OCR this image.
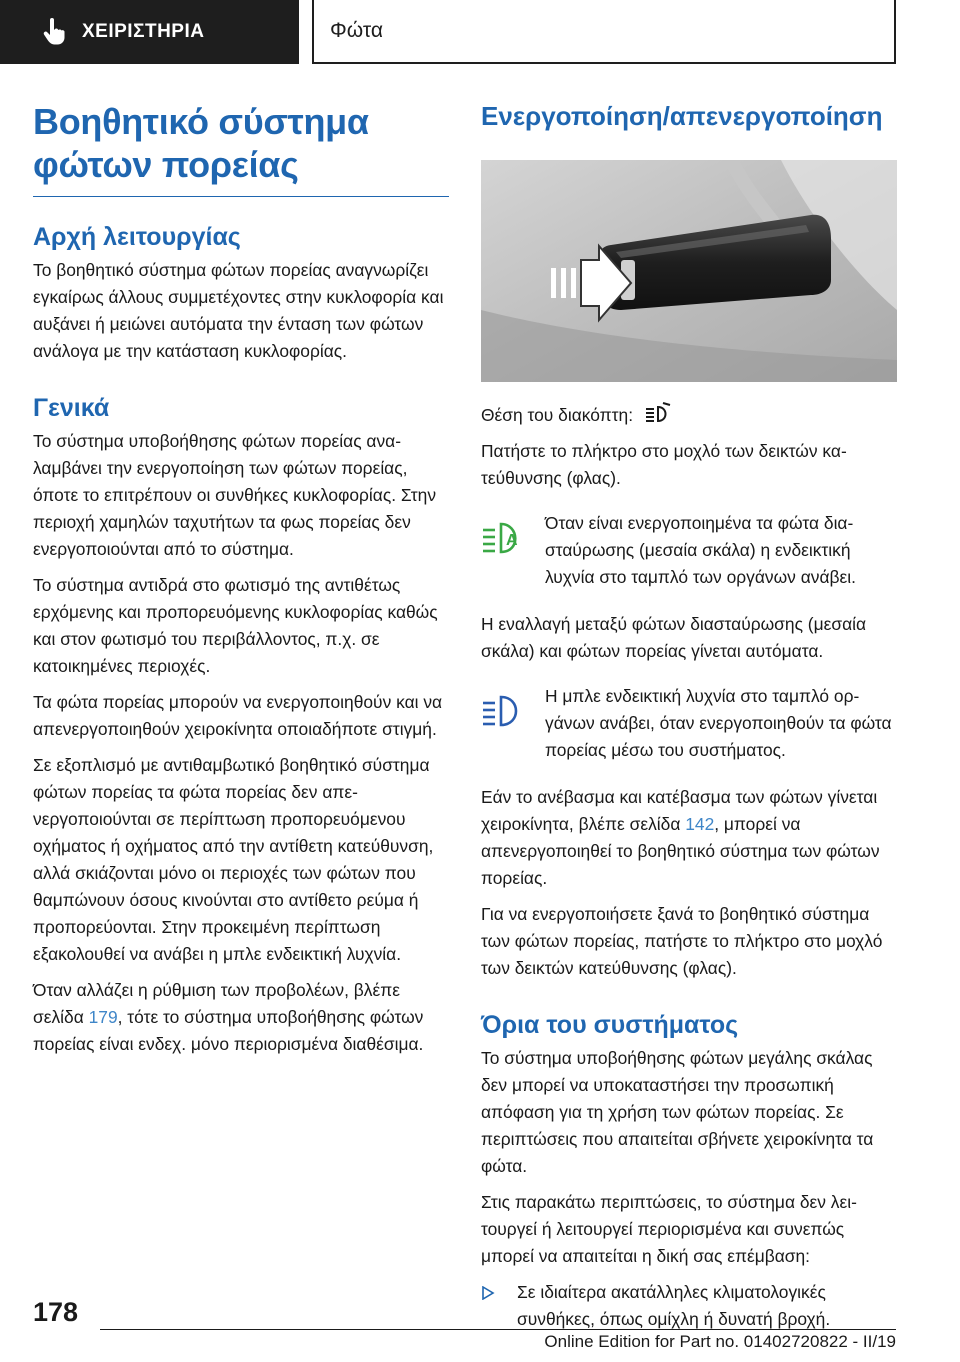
ΧΕΙΡΙΣΤΗΡΙΑ	Φώτα
Βοηθητικό σύστημα φώτων πορείας
Αρχή λειτουργίας

Το βοηθητικό σύστημα φώτων πορείας αναγνωρίζει εγκαίρως άλλους συμμετέχοντες στην κυκλοφορία και αυξάνει ή μειώνει αυτόματα την ένταση των φώτων ανάλογα με την κατάσταση κυκλοφορίας.

Γενικά

Το σύστημα υποβοήθησης φώτων πορείας αναλαμβάνει την ενεργοποίηση των φώτων πορείας, όποτε το επιτρέπουν οι συνθήκες κυκλοφορίας. Στην περιοχή χαμηλών ταχυτήτων τα φως πορείας δεν ενεργοποιούνται από το σύστημα.

Το σύστημα αντιδρά στο φωτισμό της αντιθέτως ερχόμενης και προπορευόμενης κυκλοφορίας καθώς και στον φωτισμό του περιβάλλοντος, π.χ. σε κατοικημένες περιοχές.

Τα φώτα πορείας μπορούν να ενεργοποιηθούν και να απενεργοποιηθούν χειροκίνητα οποιαδήποτε στιγμή.

Σε εξοπλισμό με αντιθαμβωτικό βοηθητικό σύστημα φώτων πορείας τα φώτα πορείας δεν απενεργοποιούνται σε περίπτωση προπορευόμενου οχήματος ή οχήματος από την αντίθετη κατεύθυνση, αλλά σκιάζονται μόνο οι περιοχές των φώτων που θαμπώνουν όσους κινούνται στο αντίθετο ρεύμα ή προπορεύονται. Στην προκειμένη περίπτωση εξακολουθεί να ανάβει η μπλε ενδεικτική λυχνία.

Όταν αλλάζει η ρύθμιση των προβολέων, βλέπε σελίδα 179, τότε το σύστημα υποβοήθησης φώτων πορείας είναι ενδεχ. μόνο περιορισμένα διαθέσιμα.

Ενεργοποίηση/απενεργοποίηση

Θέση του διακόπτη:

Πατήστε το πλήκτρο στο μοχλό των δεικτών κατεύθυνσης (φλας).

A

Όταν είναι ενεργοποιημένα τα φώτα διασταύρωσης (μεσαία σκάλα) η ενδεικτική λυχνία στο ταμπλό των οργάνων ανάβει.

Η εναλλαγή μεταξύ φώτων διασταύρωσης (μεσαία σκάλα) και φώτων πορείας γίνεται αυτόματα.

Η μπλε ενδεικτική λυχνία στο ταμπλό οργάνων ανάβει, όταν ενεργοποιηθούν τα φώτα πορείας μέσω του συστήματος.

Εάν το ανέβασμα και κατέβασμα των φώτων γίνεται χειροκίνητα, βλέπε σελίδα 142, μπορεί να απενεργοποιηθεί το βοηθητικό σύστημα των φώτων πορείας.

Για να ενεργοποιήσετε ξανά το βοηθητικό σύστημα των φώτων πορείας, πατήστε το πλήκτρο στο μοχλό των δεικτών κατεύθυνσης (φλας).

Όρια του συστήματος

Το σύστημα υποβοήθησης φώτων μεγάλης σκάλας δεν μπορεί να υποκαταστήσει την προσωπική απόφαση για τη χρήση των φώτων πορείας. Σε περιπτώσεις που απαιτείται σβήνετε χειροκίνητα τα φώτα.

Στις παρακάτω περιπτώσεις, το σύστημα δεν λειτουργεί ή λειτουργεί περιορισμένα και συνεπώς μπορεί να απαιτείται η δική σας επέμβαση:

Σε ιδιαίτερα ακατάλληλες κλιματολογικές συνθήκες, όπως ομίχλη ή δυνατή βροχή.

178
Online Edition for Part no. 01402720822 - II/19
